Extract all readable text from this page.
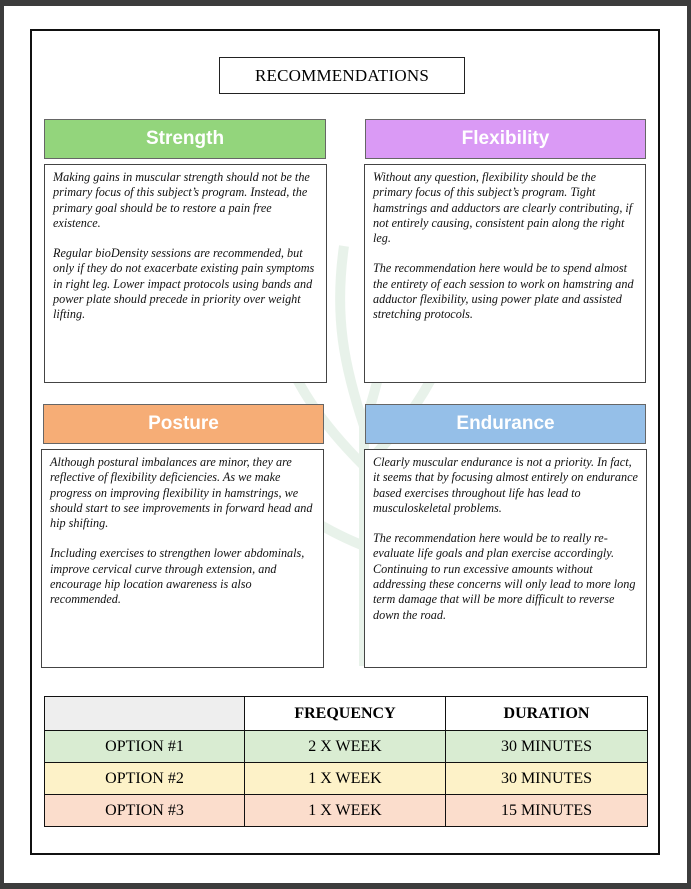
RECOMMENDATIONS
Strength

Making gains in muscular strength should not be the primary focus of this subject’s program. Instead, the primary goal should be to restore a pain free existence.

Regular bioDensity sessions are recommended, but only if they do not exacerbate existing pain symptoms in right leg. Lower impact protocols using bands and power plate should precede in priority over weight lifting.

Flexibility

Without any question, flexibility should be the primary focus of this subject’s program. Tight hamstrings and adductors are clearly contributing, if not entirely causing, consistent pain along the right leg.

The recommendation here would be to spend almost the entirety of each session to work on hamstring and adductor flexibility, using power plate and assisted stretching protocols.

Posture

Although postural imbalances are minor, they are reflective of flexibility deficiencies. As we make progress on improving flexibility in hamstrings, we should start to see improvements in forward head and hip shifting.

Including exercises to strengthen lower abdominals, improve cervical curve through extension, and encourage hip location awareness is also recommended.

Endurance

Clearly muscular endurance is not a priority. In fact, it seems that by focusing almost entirely on endurance based exercises throughout life has lead to musculoskeletal problems.

The recommendation here would be to really re-evaluate life goals and plan exercise accordingly. Continuing to run excessive amounts without addressing these concerns will only lead to more long term damage that will be more difficult to reverse down the road.

	FREQUENCY	DURATION
OPTION #1	2 X WEEK	30 MINUTES
OPTION #2	1 X WEEK	30 MINUTES
OPTION #3	1 X WEEK	15 MINUTES
